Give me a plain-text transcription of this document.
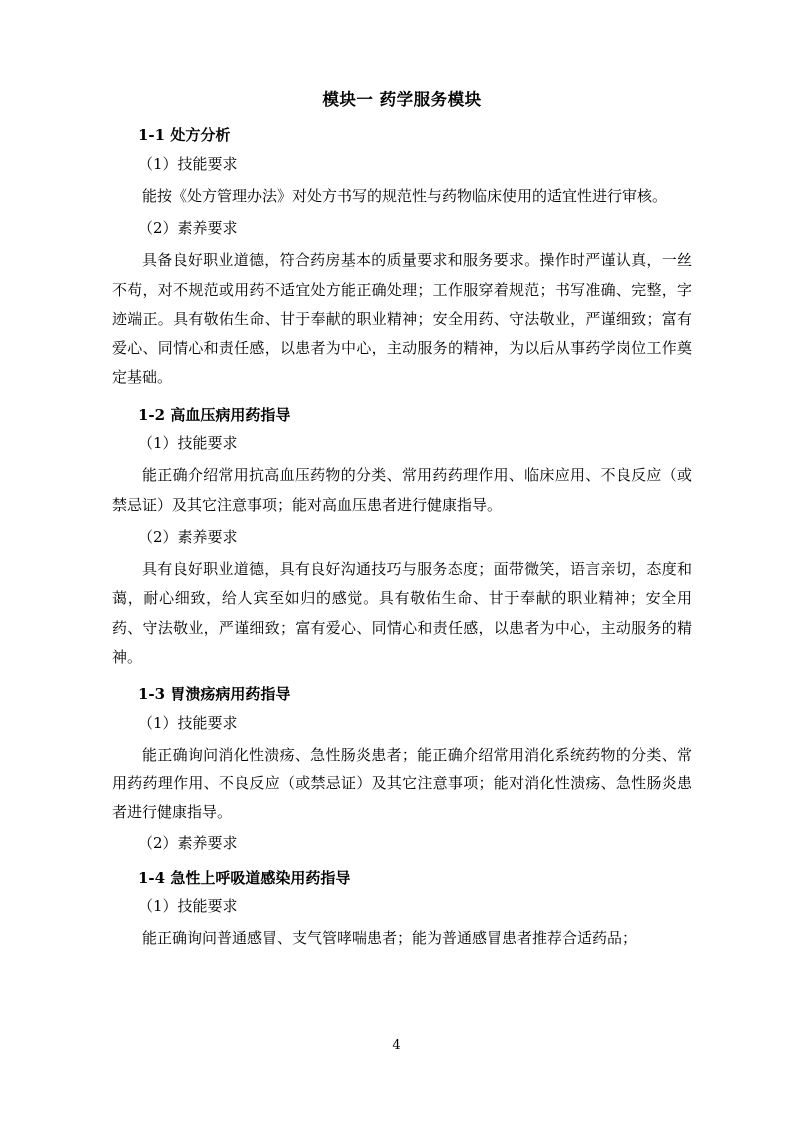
模块一 药学服务模块
1-1 处方分析

（1）技能要求

能按《处方管理办法》对处方书写的规范性与药物临床使用的适宜性进行审核。

（2）素养要求

具备良好职业道德，符合药房基本的质量要求和服务要求。操作时严谨认真，一丝不苟，对不规范或用药不适宜处方能正确处理；工作服穿着规范；书写准确、完整，字迹端正。具有敬佑生命、甘于奉献的职业精神；安全用药、守法敬业，严谨细致；富有爱心、同情心和责任感，以患者为中心，主动服务的精神，为以后从事药学岗位工作奠定基础。

1-2 高血压病用药指导

（1）技能要求

能正确介绍常用抗高血压药物的分类、常用药药理作用、临床应用、不良反应（或禁忌证）及其它注意事项；能对高血压患者进行健康指导。

（2）素养要求

具有良好职业道德，具有良好沟通技巧与服务态度；面带微笑，语言亲切，态度和蔼，耐心细致，给人宾至如归的感觉。具有敬佑生命、甘于奉献的职业精神；安全用药、守法敬业，严谨细致；富有爱心、同情心和责任感，以患者为中心，主动服务的精神。

1-3 胃溃疡病用药指导

（1）技能要求

能正确询问消化性溃疡、急性肠炎患者；能正确介绍常用消化系统药物的分类、常用药药理作用、不良反应（或禁忌证）及其它注意事项；能对消化性溃疡、急性肠炎患者进行健康指导。

（2）素养要求

1-4 急性上呼吸道感染用药指导

（1）技能要求

能正确询问普通感冒、支气管哮喘患者；能为普通感冒患者推荐合适药品；

4
